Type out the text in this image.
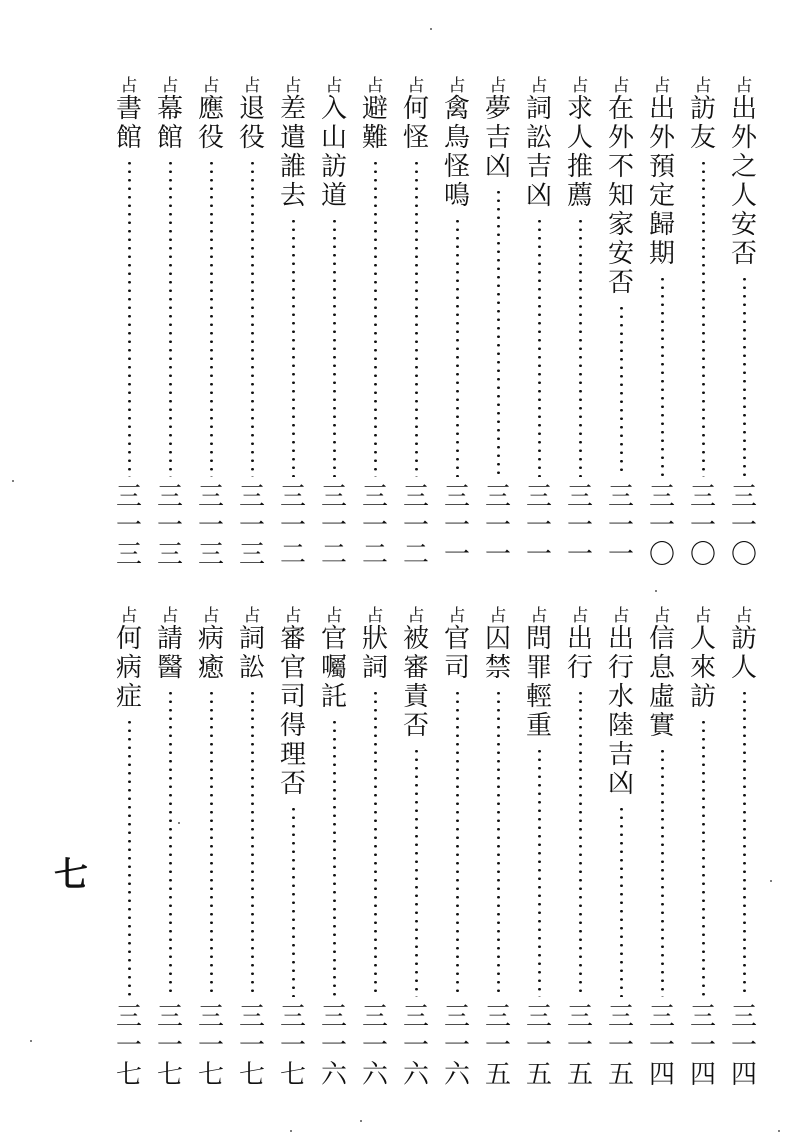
占
出
外
之
人
安
否
三
一
〇
占
訪
友
三
一
〇
占
出
外
預
定
歸
期
三
一
〇
占
在
外
不
知
家
安
否
三
一
一
占
求
人
推
薦
三
一
一
占
詞
訟
吉
凶
三
一
一
占
夢
吉
凶
三
一
一
占
禽
鳥
怪
鳴
三
一
一
占
何
怪
三
一
二
占
避
難
三
一
二
占
入
山
訪
道
三
一
二
占
差
遣
誰
去
三
一
二
占
退
役
三
一
三
占
應
役
三
一
三
占
幕
館
三
一
三
占
書
館
三
一
三
占
訪
人
三
一
四
占
人
來
訪
三
一
四
占
信
息
虛
實
三
一
四
占
出
行
水
陸
吉
凶
三
一
五
占
出
行
三
一
五
占
問
罪
輕
重
三
一
五
占
囚
禁
三
一
五
占
官
司
三
一
六
占
被
審
責
否
三
一
六
占
狀
詞
三
一
六
占
官
囑
託
三
一
六
占
審
官
司
得
理
否
三
一
七
占
詞
訟
三
一
七
占
病
癒
三
一
七
占
請
醫
三
一
七
占
何
病
症
三
一
七
七
